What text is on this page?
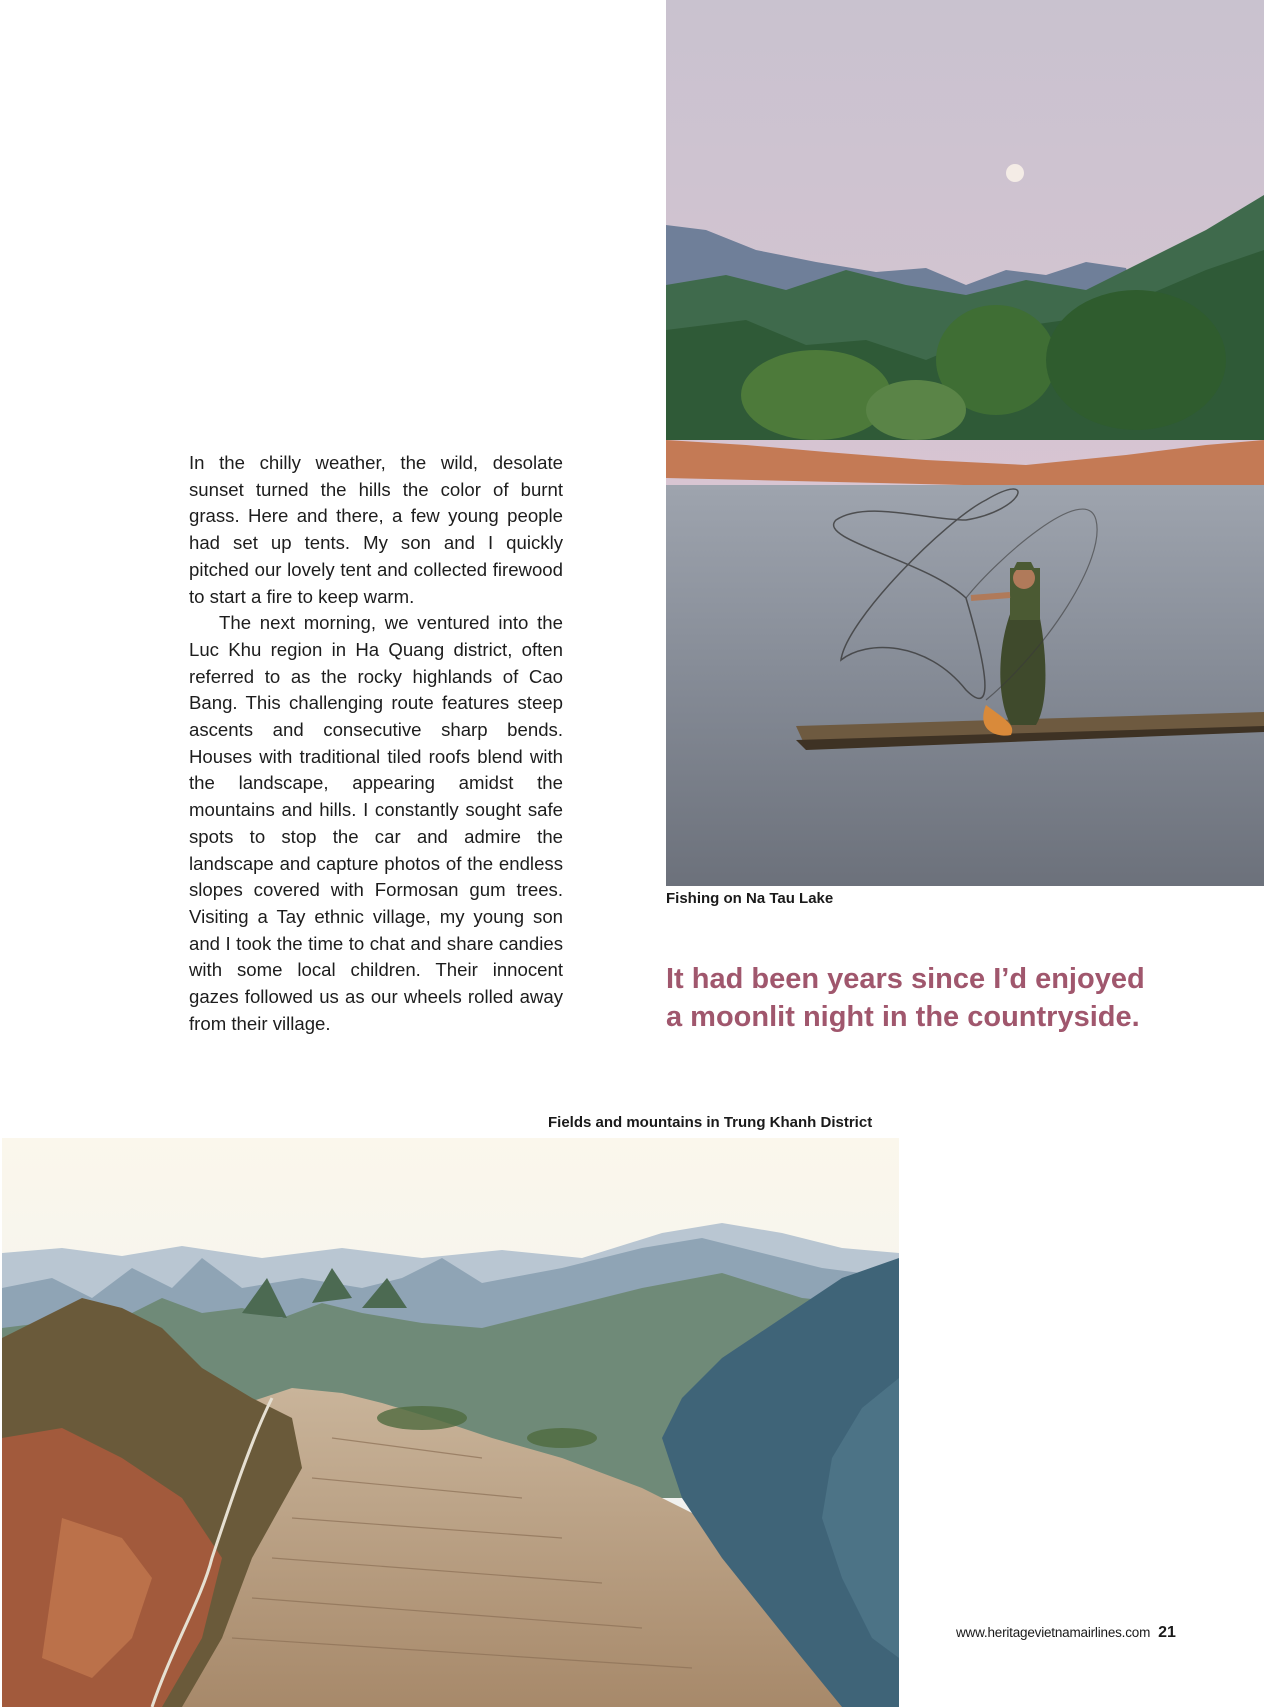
In the chilly weather, the wild, desolate sunset turned the hills the color of burnt grass. Here and there, a few young people had set up tents. My son and I quickly pitched our lovely tent and collected firewood to start a fire to keep warm.

The next morning, we ventured into the Luc Khu region in Ha Quang district, often referred to as the rocky highlands of Cao Bang. This challenging route features steep ascents and consecutive sharp bends. Houses with traditional tiled roofs blend with the landscape, appearing amidst the mountains and hills. I constantly sought safe spots to stop the car and admire the landscape and capture photos of the endless slopes covered with Formosan gum trees. Visiting a Tay ethnic village, my young son and I took the time to chat and share candies with some local children. Their innocent gazes followed us as our wheels rolled away from their village.

Fishing on Na Tau Lake
It had been years since I’d enjoyed
a moonlit night in the countryside.
Fields and mountains in Trung Khanh District
www.heritagevietnamairlines.com 21
